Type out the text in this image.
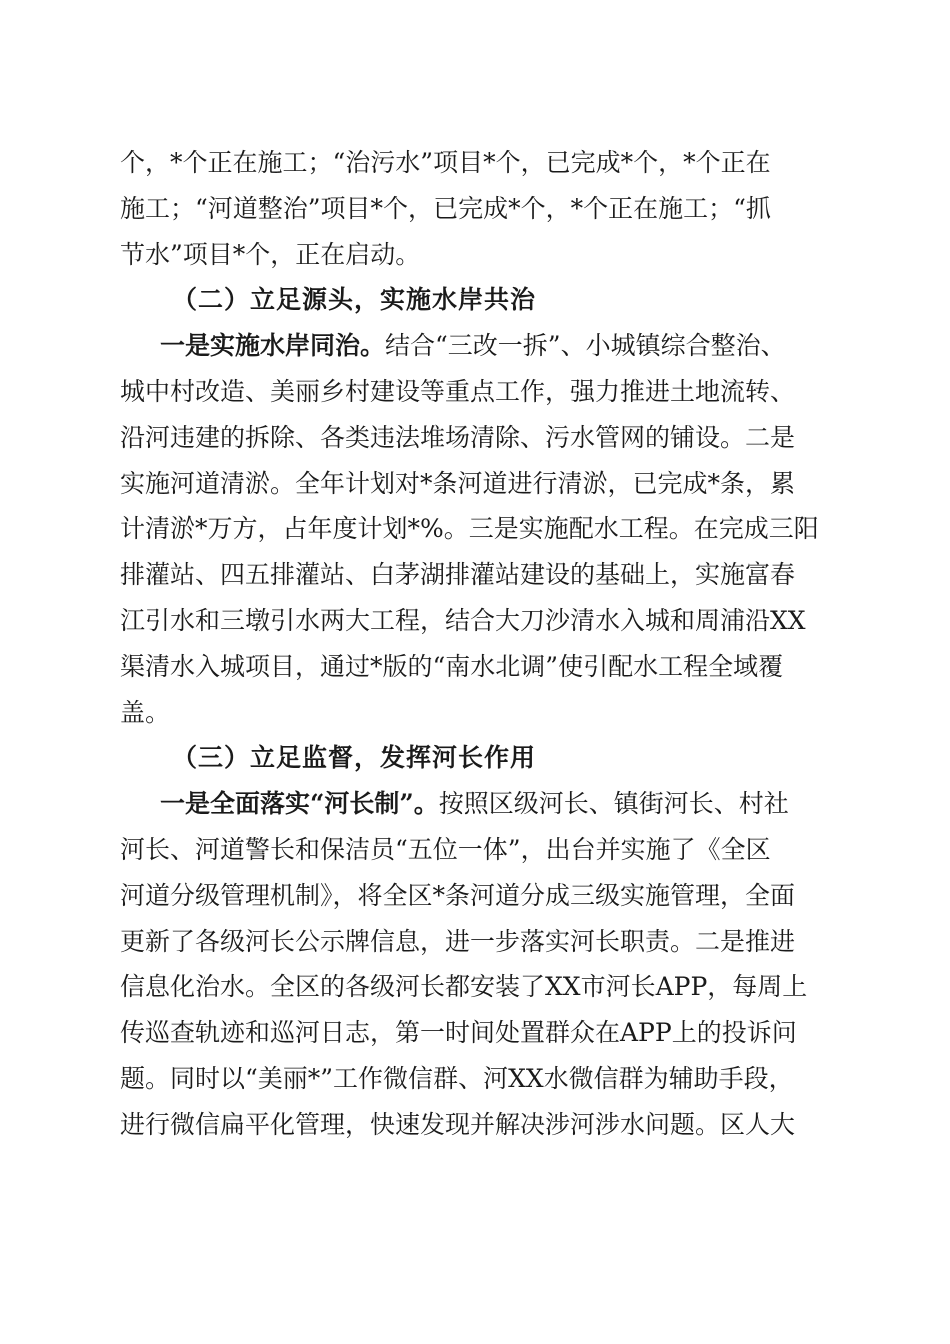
个，*个正在施工；“治污水”项目*个，已完成*个，*个正在
施工；“河道整治”项目*个，已完成*个，*个正在施工；“抓
节水”项目*个，正在启动。
（二）立足源头，实施水岸共治
一是实施水岸同治。结合“三改一拆”、小城镇综合整治、
城中村改造、美丽乡村建设等重点工作，强力推进土地流转、
沿河违建的拆除、各类违法堆场清除、污水管网的铺设。二是
实施河道清淤。全年计划对*条河道进行清淤，已完成*条，累
计清淤*万方，占年度计划*%。三是实施配水工程。在完成三阳
排灌站、四五排灌站、白茅湖排灌站建设的基础上，实施富春
江引水和三墩引水两大工程，结合大刀沙清水入城和周浦沿XX
渠清水入城项目，通过*版的“南水北调”使引配水工程全域覆
盖。
（三）立足监督，发挥河长作用
一是全面落实“河长制”。按照区级河长、镇街河长、村社
河长、河道警长和保洁员“五位一体”，出台并实施了《全区
河道分级管理机制》，将全区*条河道分成三级实施管理，全面
更新了各级河长公示牌信息，进一步落实河长职责。二是推进
信息化治水。全区的各级河长都安装了XX市河长APP，每周上
传巡查轨迹和巡河日志，第一时间处置群众在APP上的投诉问
题。同时以“美丽*”工作微信群、河XX水微信群为辅助手段，
进行微信扁平化管理，快速发现并解决涉河涉水问题。区人大
